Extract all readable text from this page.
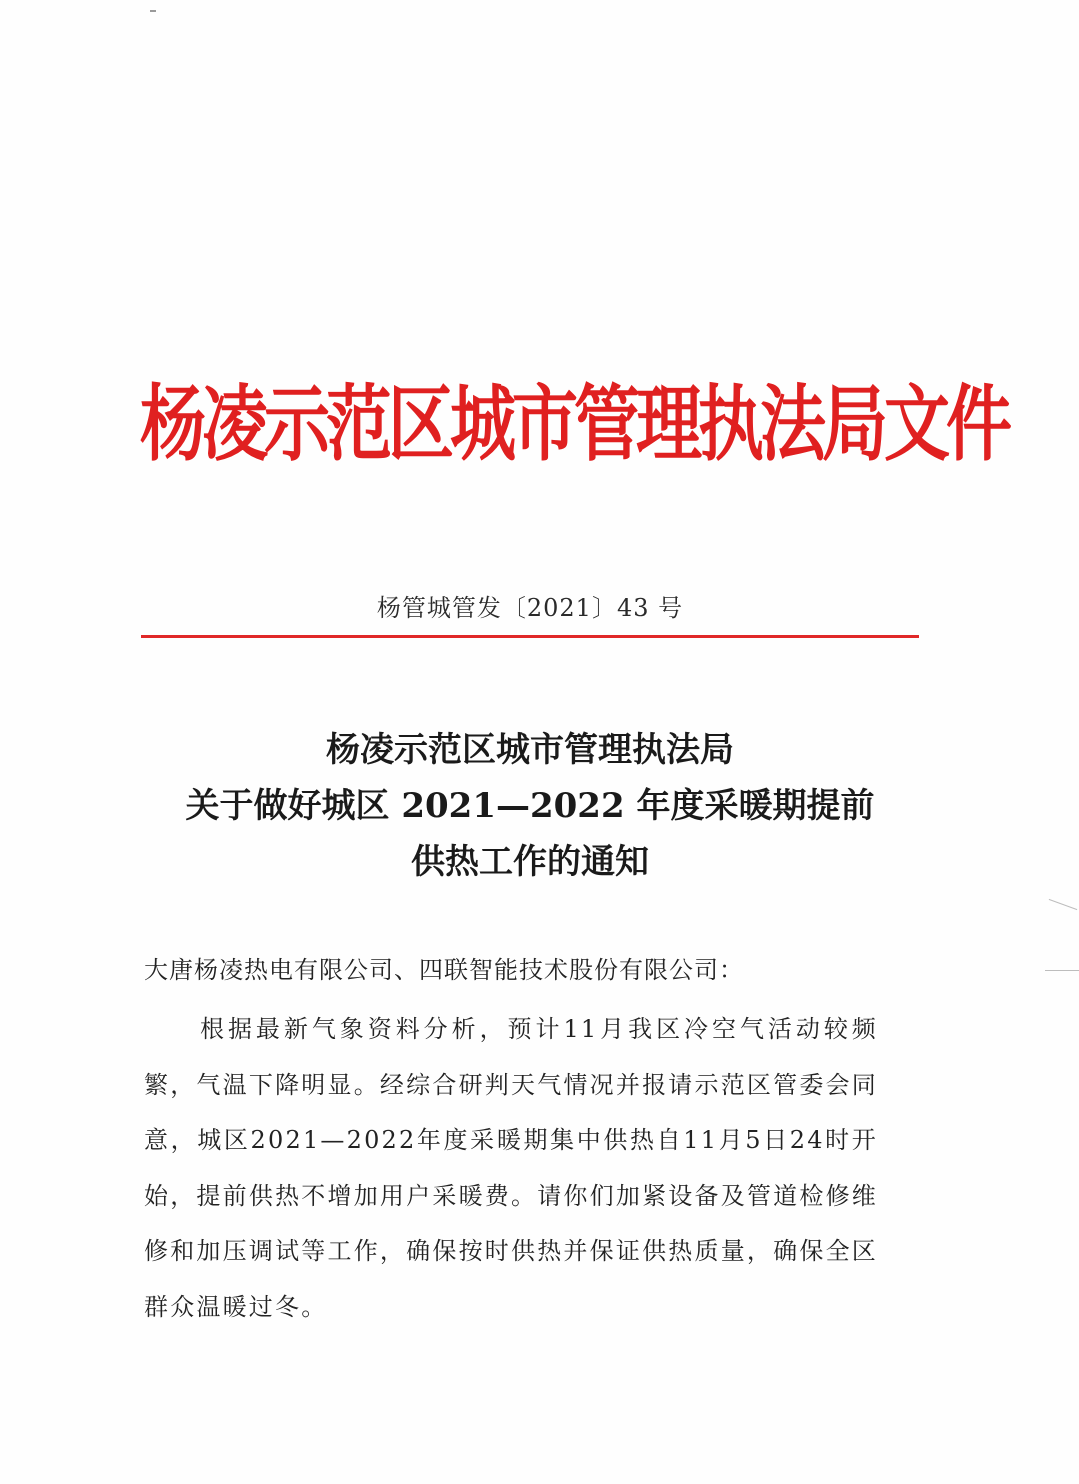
杨凌示范区城市管理执法局文件
杨管城管发〔2021〕43 号
杨凌示范区城市管理执法局
关于做好城区 2021—2022 年度采暖期提前
供热工作的通知
大唐杨凌热电有限公司、四联智能技术股份有限公司：
根据最新气象资料分析，预计11月我区冷空气活动较频繁，气温下降明显。经综合研判天气情况并报请示范区管委会同意，城区2021—2022年度采暖期集中供热自11月5日24时开始，提前供热不增加用户采暖费。请你们加紧设备及管道检修维修和加压调试等工作，确保按时供热并保证供热质量，确保全区群众温暖过冬。
